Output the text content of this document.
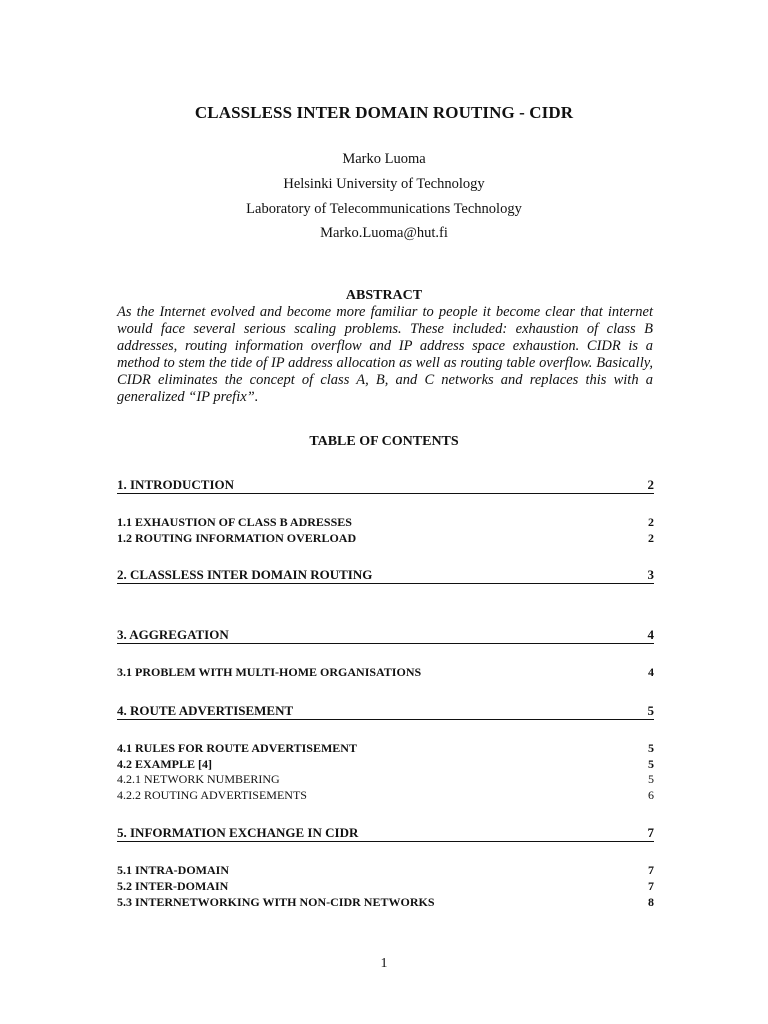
CLASSLESS INTER DOMAIN ROUTING - CIDR
Marko Luoma
Helsinki University of Technology
Laboratory of Telecommunications Technology
Marko.Luoma@hut.fi
ABSTRACT

As the Internet evolved and become more familiar to people it become clear that internet would face several serious scaling problems. These included: exhaustion of class B addresses, routing information overflow and IP address space exhaustion. CIDR is a method to stem the tide of IP address allocation as well as routing table overflow. Basically, CIDR eliminates the concept of class A, B, and C networks and replaces this with a generalized “IP prefix”.

TABLE OF CONTENTS
1. INTRODUCTION	2
1.1 EXHAUSTION OF CLASS B ADRESSES	2
1.2 ROUTING INFORMATION OVERLOAD	2
2. CLASSLESS INTER DOMAIN ROUTING	3
3. AGGREGATION	4
3.1 PROBLEM WITH MULTI-HOME ORGANISATIONS	4
4. ROUTE ADVERTISEMENT	5
4.1 RULES FOR ROUTE ADVERTISEMENT	5
4.2 EXAMPLE [4]	5
4.2.1 NETWORK NUMBERING	5
4.2.2 ROUTING ADVERTISEMENTS	6
5. INFORMATION EXCHANGE IN CIDR	7
5.1 INTRA-DOMAIN	7
5.2 INTER-DOMAIN	7
5.3 INTERNETWORKING WITH NON-CIDR NETWORKS	8
1
